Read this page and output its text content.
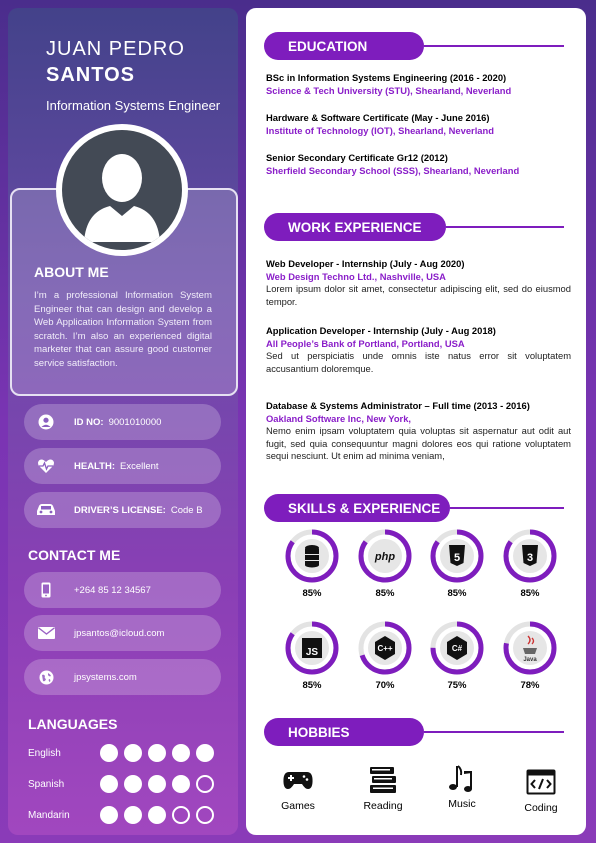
JUAN PEDRO
SANTOS
Information Systems Engineer
ABOUT ME
I’m a professional Information System Engineer that can design and develop a Web Application Information System from scratch. I’m also an experienced digital marketer that can assure good customer service satisfaction.
ID NO: 9001010000
HEALTH: Excellent
DRIVER’S LICENSE: Code B
CONTACT ME
+264 85 12 34567
jpsantos@icloud.com
jpsystems.com
LANGUAGES
English
Spanish
Mandarin
EDUCATION
BSc in Information Systems Engineering (2016 - 2020)
Science & Tech University (STU), Shearland, Neverland
Hardware & Software Certificate (May - June 2016)
Institute of Technology (IOT), Shearland, Neverland
Senior Secondary Certificate Gr12 (2012)
Sherfield Secondary School (SSS), Shearland, Neverland
WORK EXPERIENCE
Web Developer - Internship (July - Aug 2020)
Web Design Techno Ltd., Nashville, USA
Lorem ipsum dolor sit amet, consectetur adipiscing elit, sed do eiusmod tempor.
Application Developer - Internship (July - Aug 2018)
All People’s Bank of Portland, Portland, USA
Sed ut perspiciatis unde omnis iste natus error sit voluptatem accusantium doloremque.
Database & Systems Administrator – Full time (2013 - 2016)
Oakland Software Inc, New York,
Nemo enim ipsam voluptatem quia voluptas sit aspernatur aut odit aut fugit, sed quia consequuntur magni dolores eos qui ratione voluptatem sequi nesciunt. Ut enim ad minima veniam,
SKILLS & EXPERIENCE
85%
php
85%
5
85%
3
85%
JS
85%
C++
70%
C#
75%
Java
78%
HOBBIES
Games	Reading	Music	Coding
